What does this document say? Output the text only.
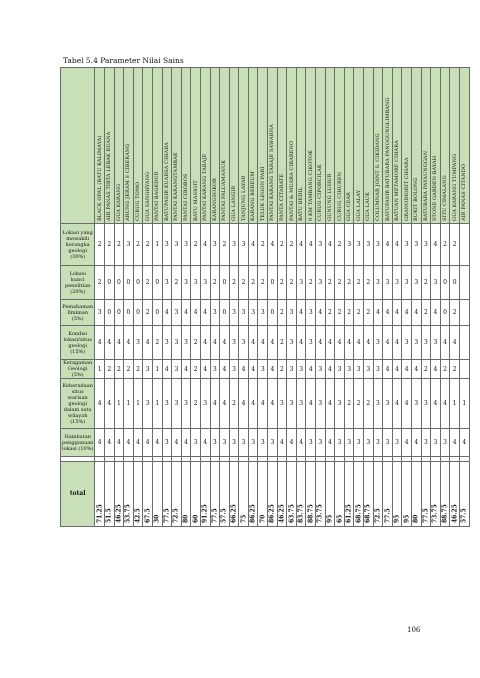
Tabel 5.4 Parameter Nilai Sains

	BLACK OPAL (BATU KALIMAYA)	AIR PANAS TIRTA LEBAK BUANA	GUA KARANG	ARUNG JERAM S CIBERANG	CURUG TOMO	GUA SANGHYANG	PANTAI BAGEDUR	BATUPASIR KUARSA CIHARA	PANTAI KARANGTAMBAK	PANTAI CIBOBOS	BATU MASIGIT	PANTAI KARANG TARAJE	KARANGSOKOR	PANTAI PALUAMANUK	GUA LANGIR	TANJUNG LAYAR	KARANG BEREUM	TELUK LEGON PARI	PANTAI KARANG TARAJE SAWARNA	PANTA CITARATE	PANTAI & MUARA CIBARENO	BATU BEDIL	0 KM TAMBANG CIKOTOK	CURUG CIPORCILAK	GUNUNG LUHUR	CURUG CIHUREN	GUA CEAR	GUA LALAY	GUA LAUK	COLUMNAR JOINT S. CIKIDANG	BATUPASIR BATUBARA PANGGUNGLIMBANG	BATUAN METAMORF CIHARA	GRANODIORIT CIHARA	BUKIT BOLONG	BATUBARA PAYAUNGGAN	STONE GARDEN BAYAH	SITU CIMALANG	GUA KARANG TUMPANG	AIR PANAS CITANDO

Lokasi yang mewakili kerangka geologi (30%)	2	2	2	3	2	2	1	3	3	3	2	4	3	2	3	3	4	2	4	2	2	4	4	3	4	2	3	3	3	3	4	4	3	3	3	4	2	2	
Lokasi kunci penelitian (20%)	2	0	0	0	0	2	0	3	2	3	3	3	2	0	2	2	2	2	0	2	2	3	2	3	2	2	2	2	2	3	3	3	3	3	2	3	0	0	
Pemahaman Ilmiman (5%)	3	0	0	0	0	2	0	4	3	4	4	4	3	0	3	3	3	3	0	2	3	4	3	4	2	2	2	2	2	4	4	4	4	4	2	4	0	2	
Kondisi lokasi/situs geologi (15%)	4	4	4	4	3	4	2	3	3	3	2	4	4	4	3	3	4	4	4	2	3	4	3	4	4	4	4	4	4	3	4	4	3	3	3	3	4	4	
Keragaman Geologi (5%)	1	2	2	2	2	3	1	4	3	4	2	4	3	4	3	4	4	3	4	2	3	3	4	3	4	3	3	3	3	3	4	4	4	4	2	4	2	2	
Keberadaan situs warisan geologi dalam satu wilayah (15%)	4	4	1	1	1	3	1	3	3	3	2	3	4	4	2	4	4	4	4	3	3	3	4	3	4	3	2	2	2	3	3	4	4	3	3	4	4	1	1
Hambatan penggunaan lokasi (10%)	4	4	4	4	4	4	4	3	4	4	3	4	3	3	3	3	3	3	3	4	4	4	3	3	4	3	3	3	3	3	3	3	4	4	3	3	3	4	4

total	71.25	51.5	46.25	53.75	42.5	67.5	30	77.5	72.5	80	60	91.25	77.5	57.5	66.25	75	86.25	70	86.25	46.25	63.75	83.75	88.75	73.75	95	65	61.25	68.75	68.75	72.5	77.5	95	95	80	77.5	73.75	88.75	46.25	57.5
106
